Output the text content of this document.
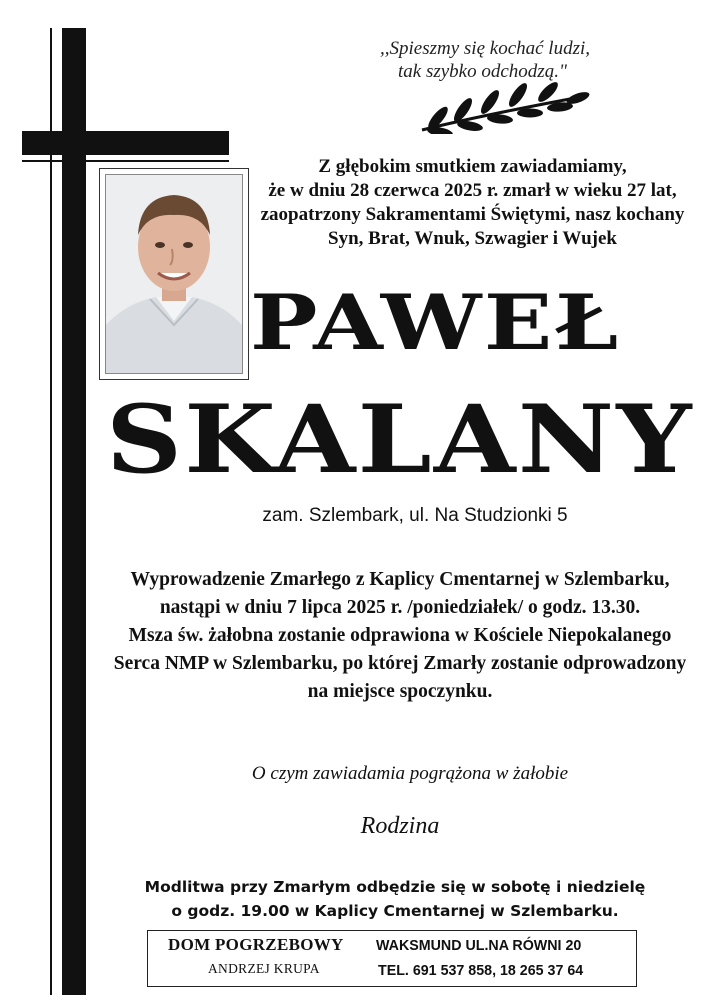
,,Spieszmy się kochać ludzi,
tak szybko odchodzą."
Z głębokim smutkiem zawiadamiamy,
że w dniu 28 czerwca 2025 r. zmarł w wieku 27 lat,
zaopatrzony Sakramentami Świętymi, nasz kochany
Syn, Brat, Wnuk, Szwagier i Wujek
PAWEŁ
SKALANY
zam. Szlembark, ul. Na Studzionki 5
Wyprowadzenie Zmarłego z Kaplicy Cmentarnej w Szlembarku,
nastąpi w dniu 7 lipca 2025 r. /poniedziałek/ o godz. 13.30.
Msza św. żałobna zostanie odprawiona w Kościele Niepokalanego
Serca NMP w Szlembarku, po której Zmarły zostanie odprowadzony
na miejsce spoczynku.
O czym zawiadamia pogrążona w żałobie
Rodzina
Modlitwa przy Zmarłym odbędzie się w sobotę i niedzielę
o godz. 19.00 w Kaplicy Cmentarnej w Szlembarku.
DOM POGRZEBOWY
ANDRZEJ KRUPA
WAKSMUND UL.NA RÓWNI 20
TEL. 691 537 858, 18 265 37 64
